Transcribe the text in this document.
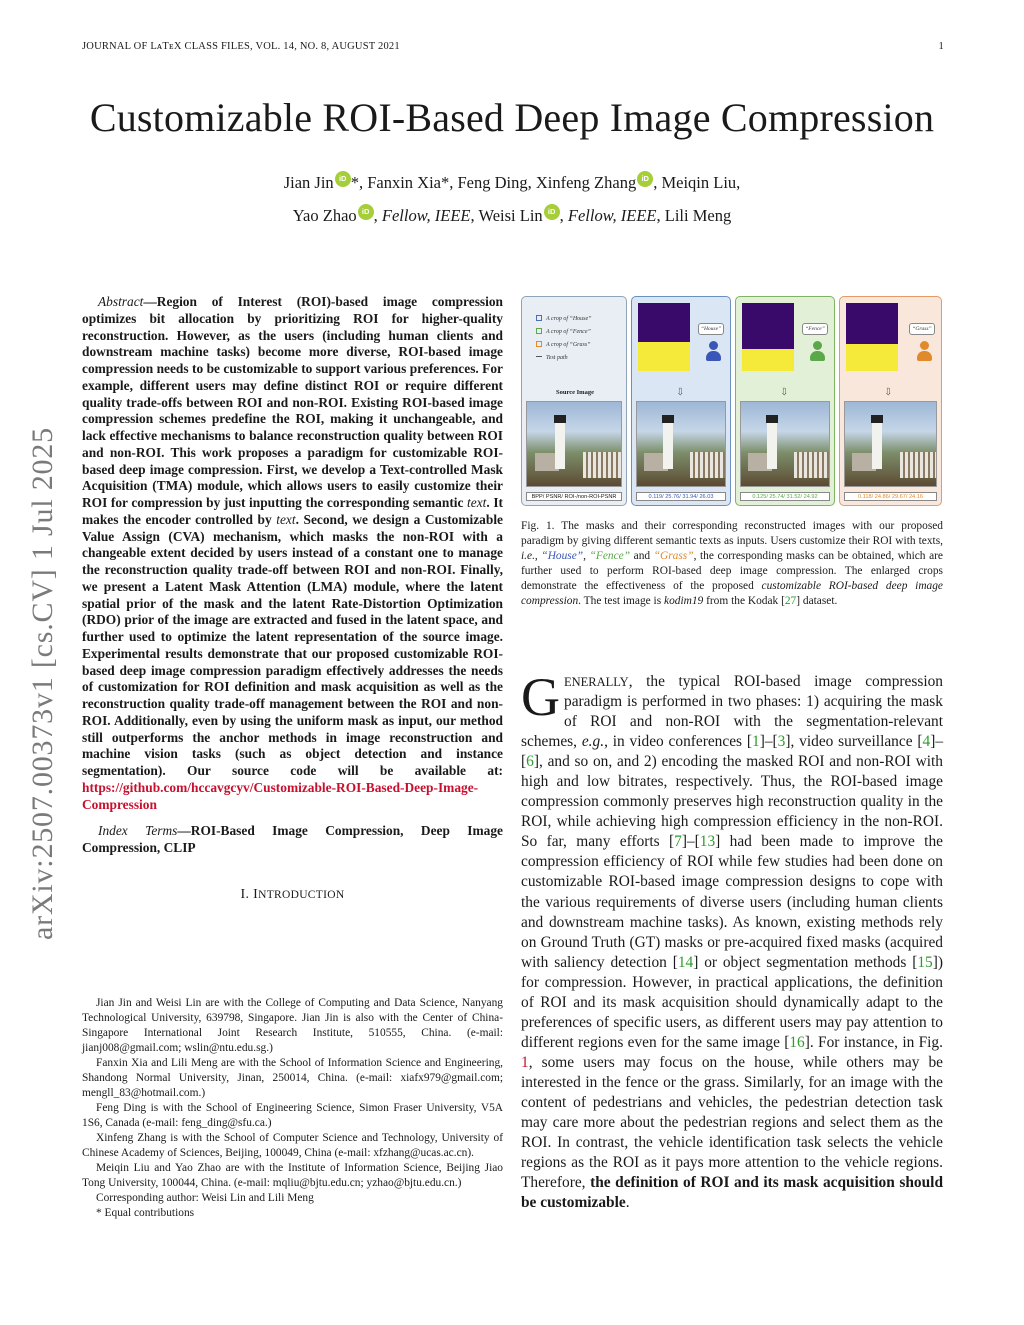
JOURNAL OF LᴀTᴇX CLASS FILES, VOL. 14, NO. 8, AUGUST 2021	1
arXiv:2507.00373v1 [cs.CV] 1 Jul 2025
Customizable ROI-Based Deep Image Compression
Jian Jin iD *, Fanxin Xia*, Feng Ding, Xinfeng Zhang iD , Meiqin Liu,
Yao Zhao iD , Fellow, IEEE, Weisi Lin iD , Fellow, IEEE, Lili Meng

Abstract—Region of Interest (ROI)-based image compression optimizes bit allocation by prioritizing ROI for higher-quality reconstruction. However, as the users (including human clients and downstream machine tasks) become more diverse, ROI-based image compression needs to be customizable to support various preferences. For example, different users may define distinct ROI or require different quality trade-offs between ROI and non-ROI. Existing ROI-based image compression schemes predefine the ROI, making it unchangeable, and lack effective mechanisms to balance reconstruction quality between ROI and non-ROI. This work proposes a paradigm for customizable ROI-based deep image compression. First, we develop a Text-controlled Mask Acquisition (TMA) module, which allows users to easily customize their ROI for compression by just inputting the corresponding semantic text. It makes the encoder controlled by text. Second, we design a Customizable Value Assign (CVA) mechanism, which masks the non-ROI with a changeable extent decided by users instead of a constant one to manage the reconstruction quality trade-off between ROI and non-ROI. Finally, we present a Latent Mask Attention (LMA) module, where the latent spatial prior of the mask and the latent Rate-Distortion Optimization (RDO) prior of the image are extracted and fused in the latent space, and further used to optimize the latent representation of the source image. Experimental results demonstrate that our proposed customizable ROI-based deep image compression paradigm effectively addresses the needs of customization for ROI definition and mask acquisition as well as the reconstruction quality trade-off management between the ROI and non-ROI. Additionally, even by using the uniform mask as input, our method still outperforms the anchor methods in image reconstruction and machine vision tasks (such as object detection and instance segmentation). Our source code will be available at: https://github.com/hccavgcyv/Customizable-ROI-Based-Deep-Image-Compression

Index Terms—ROI-Based Image Compression, Deep Image Compression, CLIP

I. INTRODUCTION

Jian Jin and Weisi Lin are with the College of Computing and Data Science, Nanyang Technological University, 639798, Singapore. Jian Jin is also with the Center of China-Singapore International Joint Research Institute, 510555, China. (e-mail: jianj008@gmail.com; wslin@ntu.edu.sg.)

Fanxin Xia and Lili Meng are with the School of Information Science and Engineering, Shandong Normal University, Jinan, 250014, China. (e-mail: xiafx979@gmail.com; mengll_83@hotmail.com.)

Feng Ding is with the School of Engineering Science, Simon Fraser University, V5A 1S6, Canada (e-mail: feng_ding@sfu.ca.)

Xinfeng Zhang is with the School of Computer Science and Technology, University of Chinese Academy of Sciences, Beijing, 100049, China (e-mail: xfzhang@ucas.ac.cn).

Meiqin Liu and Yao Zhao are with the Institute of Information Science, Beijing Jiao Tong University, 100044, China. (e-mail: mqliu@bjtu.edu.cn; yzhao@bjtu.edu.cn.)

Corresponding author: Weisi Lin and Lili Meng

* Equal contributions

A crop of “House”
A crop of “Fence”
A crop of “Grass”
Test path
Source Image
BPP/ PSNR/ ROI-/non-ROI-PSNR
“House”
⇩
0.119/ 25.76/ 31.94/ 26.03
“Fence”
⇩
0.125/ 25.74/ 31.52/ 24.92
“Grass”
⇩
0.118/ 24.86/ 29.67/ 24.16

Fig. 1. The masks and their corresponding reconstructed images with our proposed paradigm by giving different semantic texts as inputs. Users customize their ROI with texts, i.e., “House”, “Fence” and “Grass”, the corresponding masks can be obtained, which are further used to perform ROI-based deep image compression. The enlarged crops demonstrate the effectiveness of the proposed customizable ROI-based deep image compression. The test image is kodim19 from the Kodak [27] dataset.

GENERALLY, the typical ROI-based image compression paradigm is performed in two phases: 1) acquiring the mask of ROI and non-ROI with the segmentation-relevant schemes, e.g., in video conferences [1]–[3], video surveillance [4]–[6], and so on, and 2) encoding the masked ROI and non-ROI with high and low bitrates, respectively. Thus, the ROI-based image compression commonly preserves high reconstruction quality in the ROI, while achieving high compression efficiency in the non-ROI. So far, many efforts [7]–[13] had been made to improve the compression efficiency of ROI while few studies had been done on customizable ROI-based image compression designs to cope with the various requirements of diverse users (including human clients and downstream machine tasks). As known, existing methods rely on Ground Truth (GT) masks or pre-acquired fixed masks (acquired with saliency detection [14] or object segmentation methods [15]) for compression. However, in practical applications, the definition of ROI and its mask acquisition should dynamically adapt to the preferences of specific users, as different users may pay attention to different regions even for the same image [16]. For instance, in Fig. 1, some users may focus on the house, while others may be interested in the fence or the grass. Similarly, for an image with the content of pedestrians and vehicles, the pedestrian detection task may care more about the pedestrian regions and select them as the ROI. In contrast, the vehicle identification task selects the vehicle regions as the ROI as it pays more attention to the vehicle regions. Therefore, the definition of ROI and its mask acquisition should be customizable.
